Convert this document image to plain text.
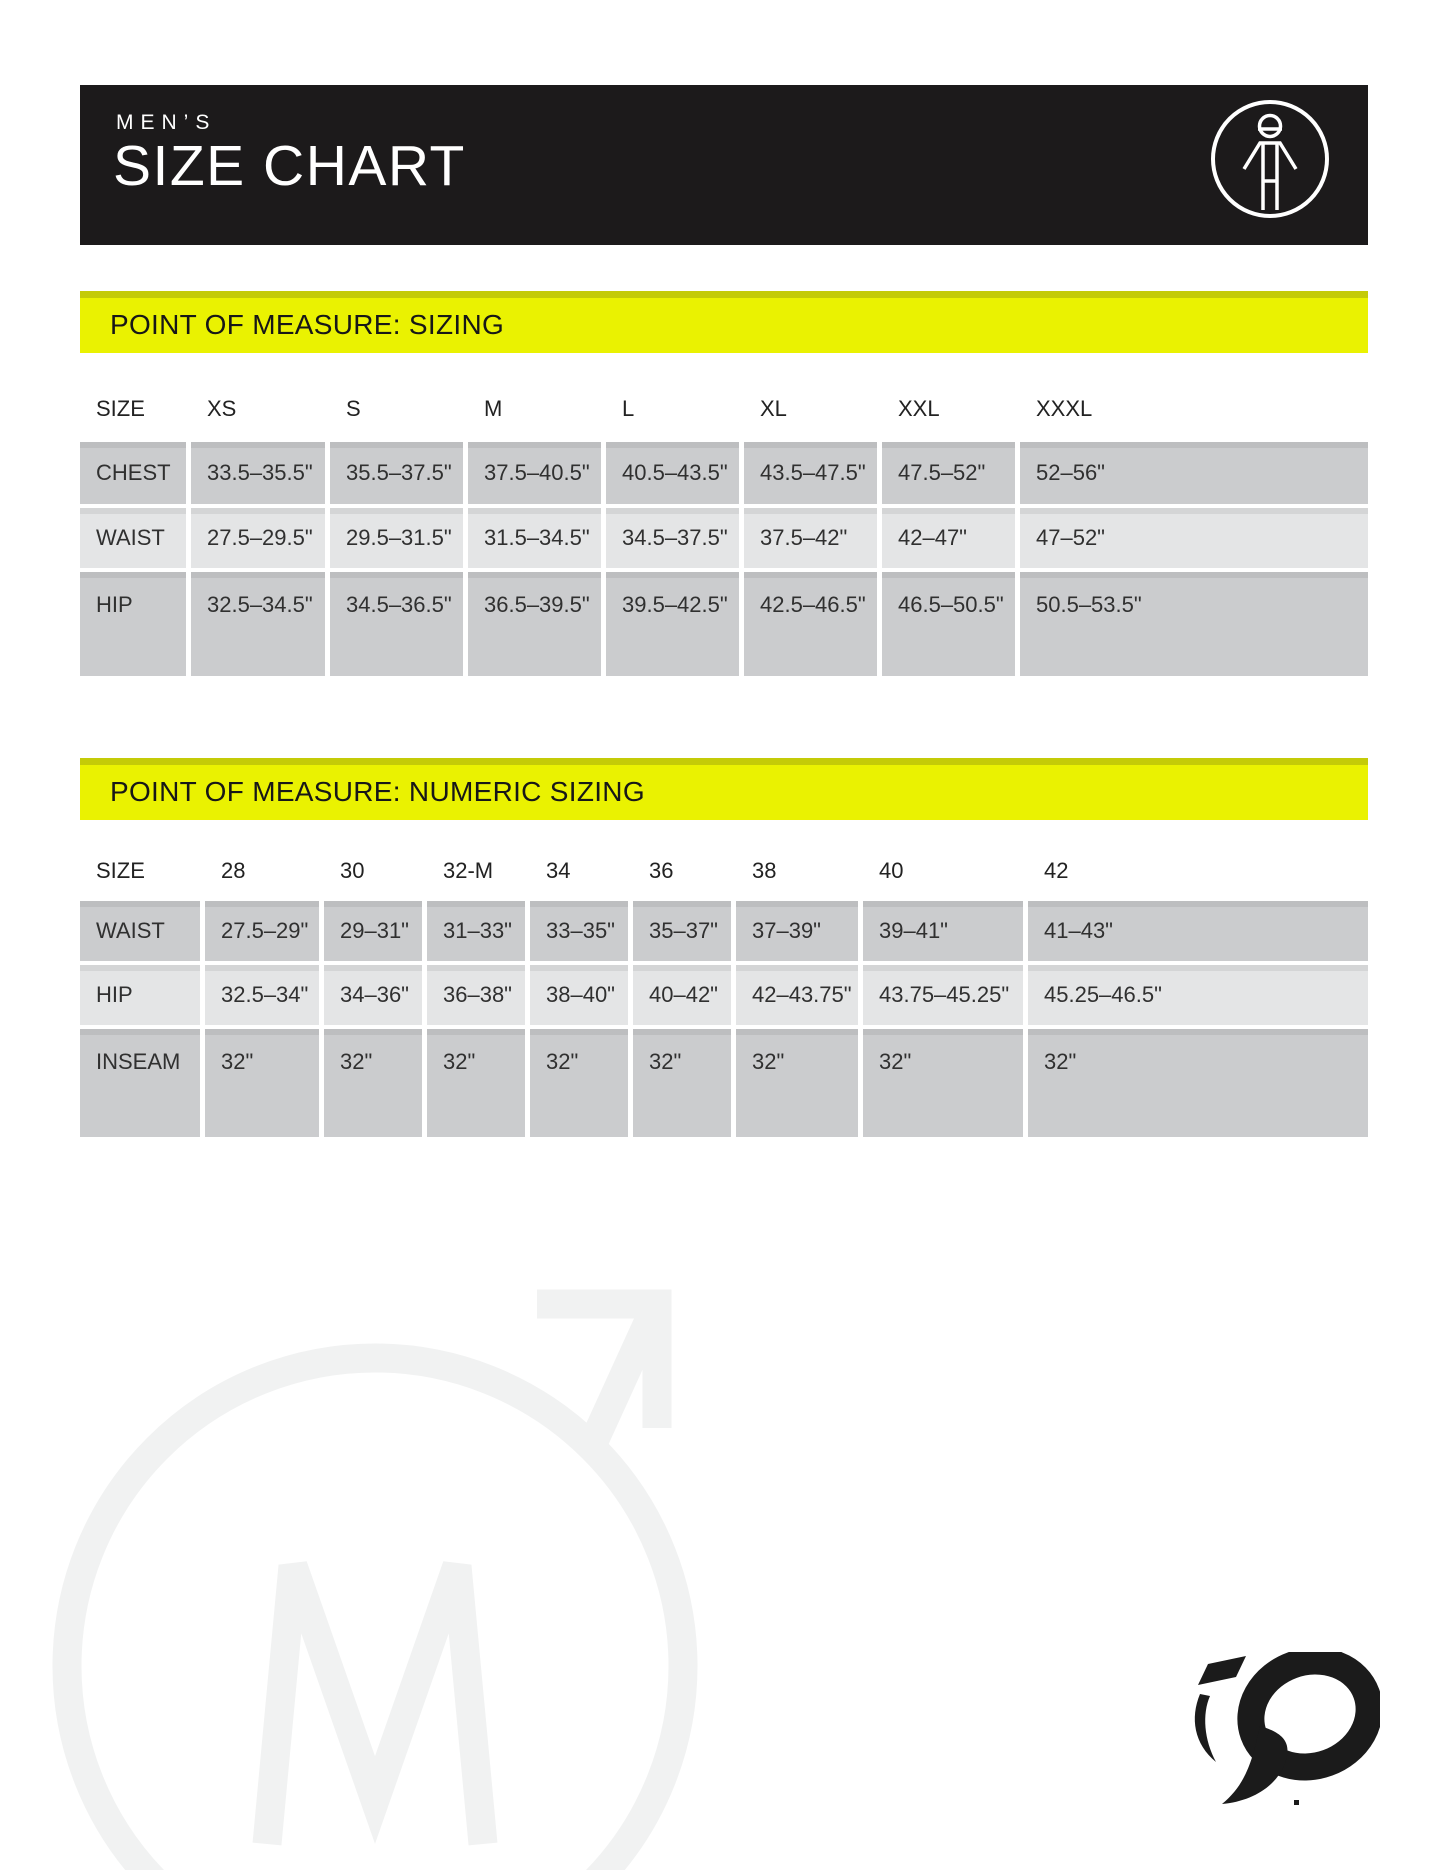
MEN’S
SIZE CHART
POINT OF MEASURE: SIZING
SIZE	XS	S	M	L	XL	XXL	XXXL
CHEST	33.5–35.5"	35.5–37.5"	37.5–40.5"	40.5–43.5"	43.5–47.5"	47.5–52"	52–56"
WAIST	27.5–29.5"	29.5–31.5"	31.5–34.5"	34.5–37.5"	37.5–42"	42–47"	47–52"
HIP	32.5–34.5"	34.5–36.5"	36.5–39.5"	39.5–42.5"	42.5–46.5"	46.5–50.5"	50.5–53.5"
POINT OF MEASURE: NUMERIC SIZING
SIZE	28	30	32-M	34	36	38	40	42
WAIST	27.5–29"	29–31"	31–33"	33–35"	35–37"	37–39"	39–41"	41–43"
HIP	32.5–34"	34–36"	36–38"	38–40"	40–42"	42–43.75"	43.75–45.25"	45.25–46.5"
INSEAM	32"	32"	32"	32"	32"	32"	32"	32"
